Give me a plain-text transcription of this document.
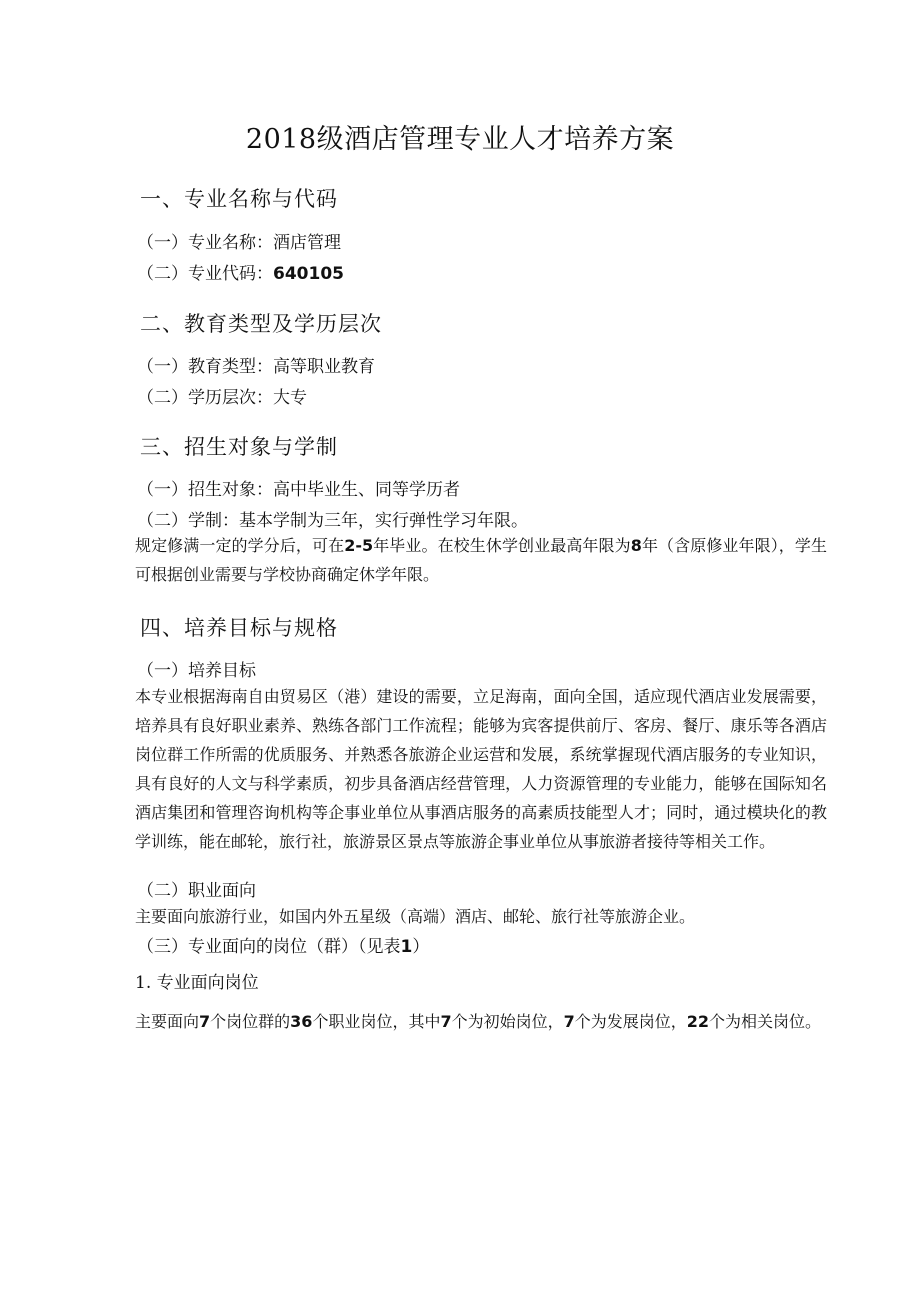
2018级酒店管理专业人才培养方案
一、专业名称与代码

（一）专业名称：酒店管理

（二）专业代码：640105

二、教育类型及学历层次

（一）教育类型：高等职业教育

（二）学历层次：大专

三、招生对象与学制

（一）招生对象：高中毕业生、同等学历者

（二）学制：基本学制为三年，实行弹性学习年限。

规定修满一定的学分后，可在2-5年毕业。在校生休学创业最高年限为8年（含原修业年限），学生可根据创业需要与学校协商确定休学年限。

四、培养目标与规格

（一）培养目标

本专业根据海南自由贸易区（港）建设的需要，立足海南，面向全国，适应现代酒店业发展需要，培养具有良好职业素养、熟练各部门工作流程；能够为宾客提供前厅、客房、餐厅、康乐等各酒店岗位群工作所需的优质服务、并熟悉各旅游企业运营和发展，系统掌握现代酒店服务的专业知识，具有良好的人文与科学素质，初步具备酒店经营管理，人力资源管理的专业能力，能够在国际知名酒店集团和管理咨询机构等企事业单位从事酒店服务的高素质技能型人才；同时，通过模块化的教学训练，能在邮轮，旅行社，旅游景区景点等旅游企事业单位从事旅游者接待等相关工作。

（二）职业面向

主要面向旅游行业，如国内外五星级（高端）酒店、邮轮、旅行社等旅游企业。

（三）专业面向的岗位（群）（见表1）

1. 专业面向岗位

主要面向7个岗位群的36个职业岗位，其中7个为初始岗位，7个为发展岗位，22个为相关岗位。
